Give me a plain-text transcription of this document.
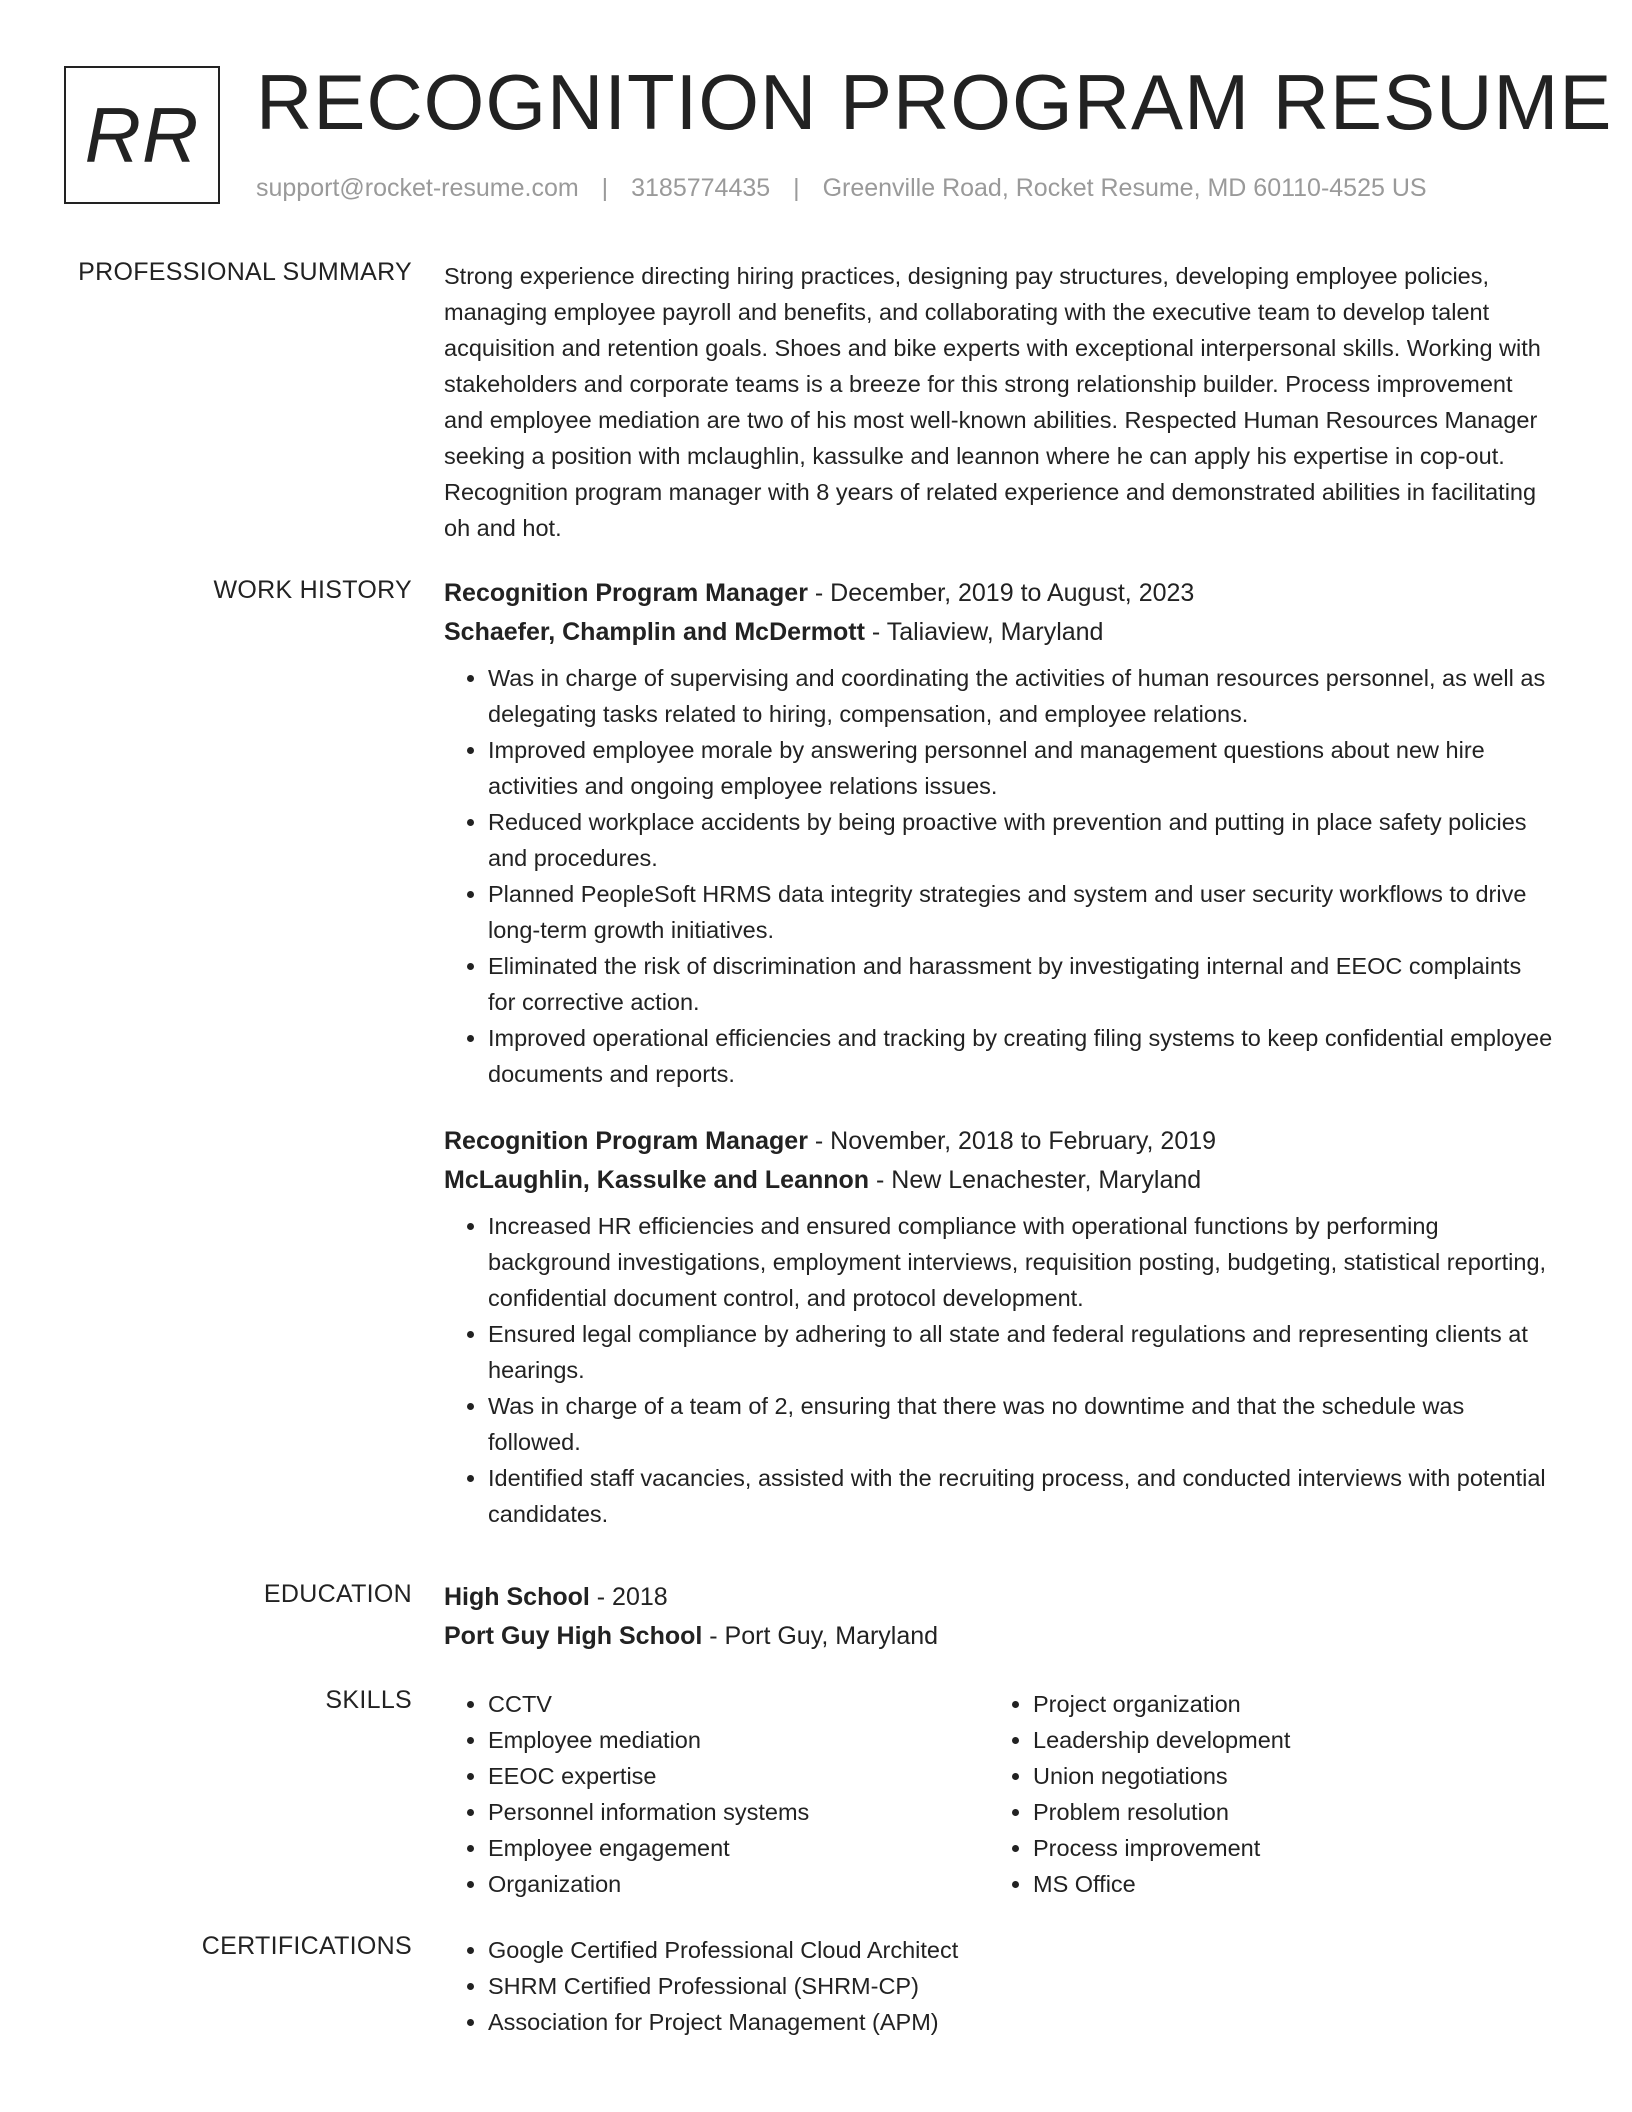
RR RECOGNITION PROGRAM RESUME
support@rocket-resume.com | 3185774435 | Greenville Road, Rocket Resume, MD 60110-4525 US
PROFESSIONAL SUMMARY Strong experience directing hiring practices, designing pay structures, developing employee policies, managing employee payroll and benefits, and collaborating with the executive team to develop talent acquisition and retention goals. Shoes and bike experts with exceptional interpersonal skills. Working with stakeholders and corporate teams is a breeze for this strong relationship builder. Process improvement and employee mediation are two of his most well-known abilities. Respected Human Resources Manager seeking a position with mclaughlin, kassulke and leannon where he can apply his expertise in cop-out. Recognition program manager with 8 years of related experience and demonstrated abilities in facilitating oh and hot.

WORK HISTORY Recognition Program Manager - December, 2019 to August, 2023
Schaefer, Champlin and McDermott - Taliaview, Maryland
• Was in charge of supervising and coordinating the activities of human resources personnel, as well as delegating tasks related to hiring, compensation, and employee relations.
• Improved employee morale by answering personnel and management questions about new hire activities and ongoing employee relations issues.
• Reduced workplace accidents by being proactive with prevention and putting in place safety policies and procedures.
• Planned PeopleSoft HRMS data integrity strategies and system and user security workflows to drive long-term growth initiatives.
• Eliminated the risk of discrimination and harassment by investigating internal and EEOC complaints for corrective action.
• Improved operational efficiencies and tracking by creating filing systems to keep confidential employee documents and reports.
Recognition Program Manager - November, 2018 to February, 2019
McLaughlin, Kassulke and Leannon - New Lenachester, Maryland
• Increased HR efficiencies and ensured compliance with operational functions by performing background investigations, employment interviews, requisition posting, budgeting, statistical reporting, confidential document control, and protocol development.
• Ensured legal compliance by adhering to all state and federal regulations and representing clients at hearings.
• Was in charge of a team of 2, ensuring that there was no downtime and that the schedule was followed.
• Identified staff vacancies, assisted with the recruiting process, and conducted interviews with potential candidates.
EDUCATION High School - 2018
Port Guy High School - Port Guy, Maryland
SKILLS	• CCTV
• Employee mediation
• EEOC expertise
• Personnel information systems
• Employee engagement
• Organization
• Project organization
• Leadership development
• Union negotiations
• Problem resolution
• Process improvement
• MS Office
CERTIFICATIONS	• Google Certified Professional Cloud Architect
• SHRM Certified Professional (SHRM-CP)
• Association for Project Management (APM)
